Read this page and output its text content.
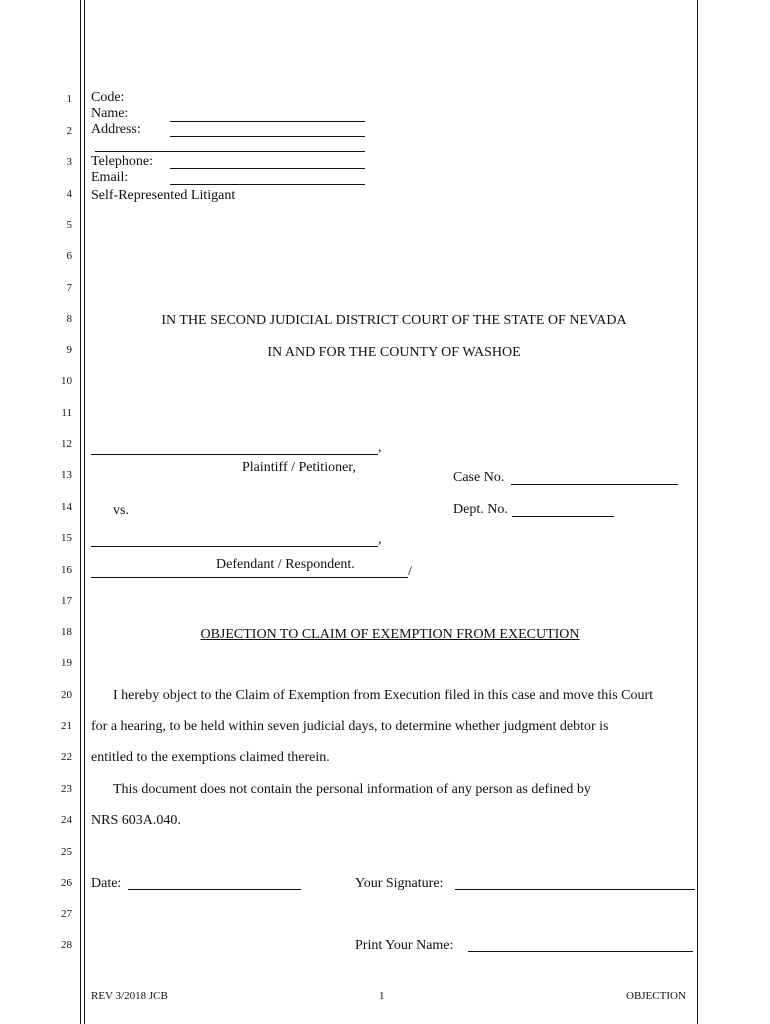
1
2
3
4
5
6
7
8
9
10
11
12
13
14
15
16
17
18
19
20
21
22
23
24
25
26
27
28
Code:
Name:
Address:
Telephone:
Email:
Self-Represented Litigant
IN THE SECOND JUDICIAL DISTRICT COURT OF THE STATE OF NEVADA
IN AND FOR THE COUNTY OF WASHOE
,
Plaintiff / Petitioner,
vs.
,
Defendant / Respondent.	/
Case No.
Dept. No.
OBJECTION TO CLAIM OF EXEMPTION FROM EXECUTION
I hereby object to the Claim of Exemption from Execution filed in this case and move this Court
for a hearing, to be held within seven judicial days, to determine whether judgment debtor is
entitled to the exemptions claimed therein.
This document does not contain the personal information of any person as defined by
NRS 603A.040.
Date:	Your Signature:
Print Your Name:
REV 3/2018 JCB	1	OBJECTION
